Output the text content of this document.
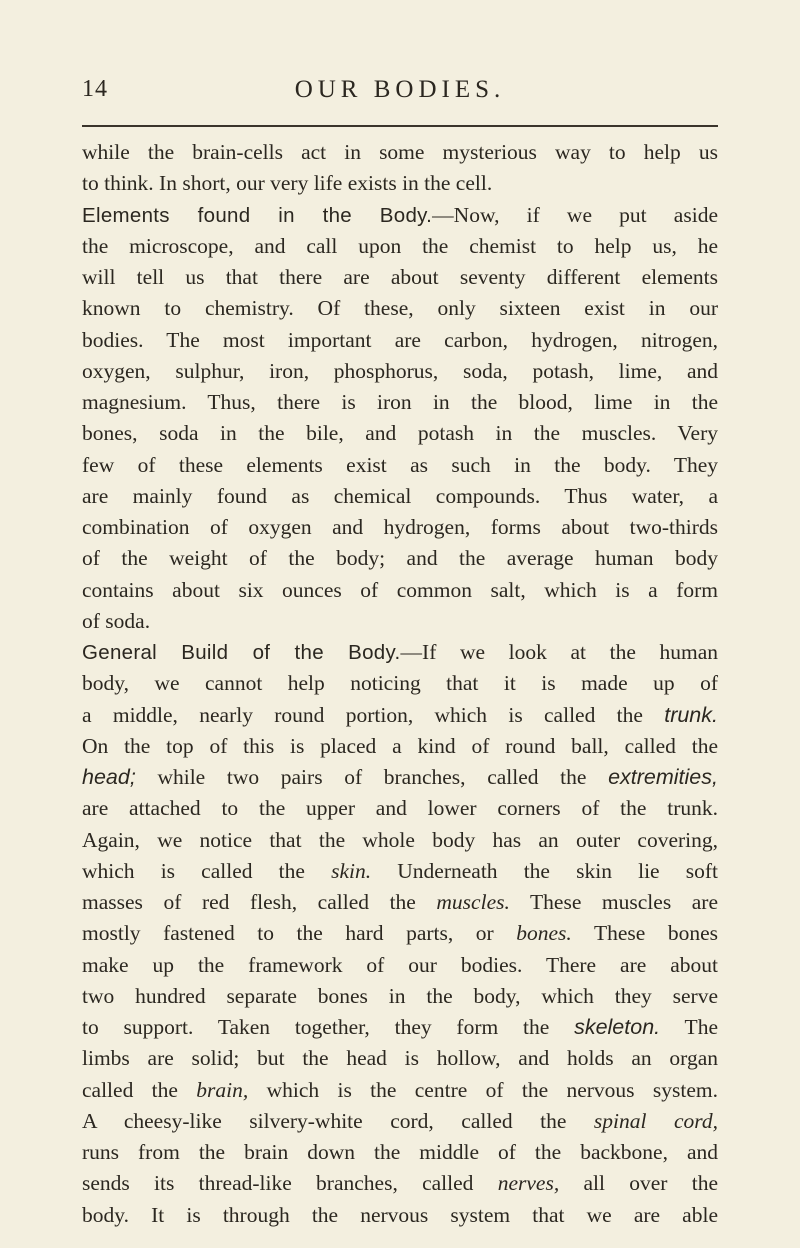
14	OUR BODIES.
while the brain-cells act in some mysterious way to help us
to think. In short, our very life exists in the cell.
Elements found in the Body.—Now, if we put aside
the microscope, and call upon the chemist to help us, he
will tell us that there are about seventy different elements
known to chemistry. Of these, only sixteen exist in our
bodies. The most important are carbon, hydrogen, nitrogen,
oxygen, sulphur, iron, phosphorus, soda, potash, lime, and
magnesium. Thus, there is iron in the blood, lime in the
bones, soda in the bile, and potash in the muscles. Very
few of these elements exist as such in the body. They
are mainly found as chemical compounds. Thus water, a
combination of oxygen and hydrogen, forms about two-thirds
of the weight of the body; and the average human body
contains about six ounces of common salt, which is a form
of soda.
General Build of the Body.—If we look at the human
body, we cannot help noticing that it is made up of
a middle, nearly round portion, which is called the trunk.
On the top of this is placed a kind of round ball, called the
head; while two pairs of branches, called the extremities,
are attached to the upper and lower corners of the trunk.
Again, we notice that the whole body has an outer covering,
which is called the skin. Underneath the skin lie soft
masses of red flesh, called the muscles. These muscles are
mostly fastened to the hard parts, or bones. These bones
make up the framework of our bodies. There are about
two hundred separate bones in the body, which they serve
to support. Taken together, they form the skeleton. The
limbs are solid; but the head is hollow, and holds an organ
called the brain, which is the centre of the nervous system.
A cheesy-like silvery-white cord, called the spinal cord,
runs from the brain down the middle of the backbone, and
sends its thread-like branches, called nerves, all over the
body. It is through the nervous system that we are able
